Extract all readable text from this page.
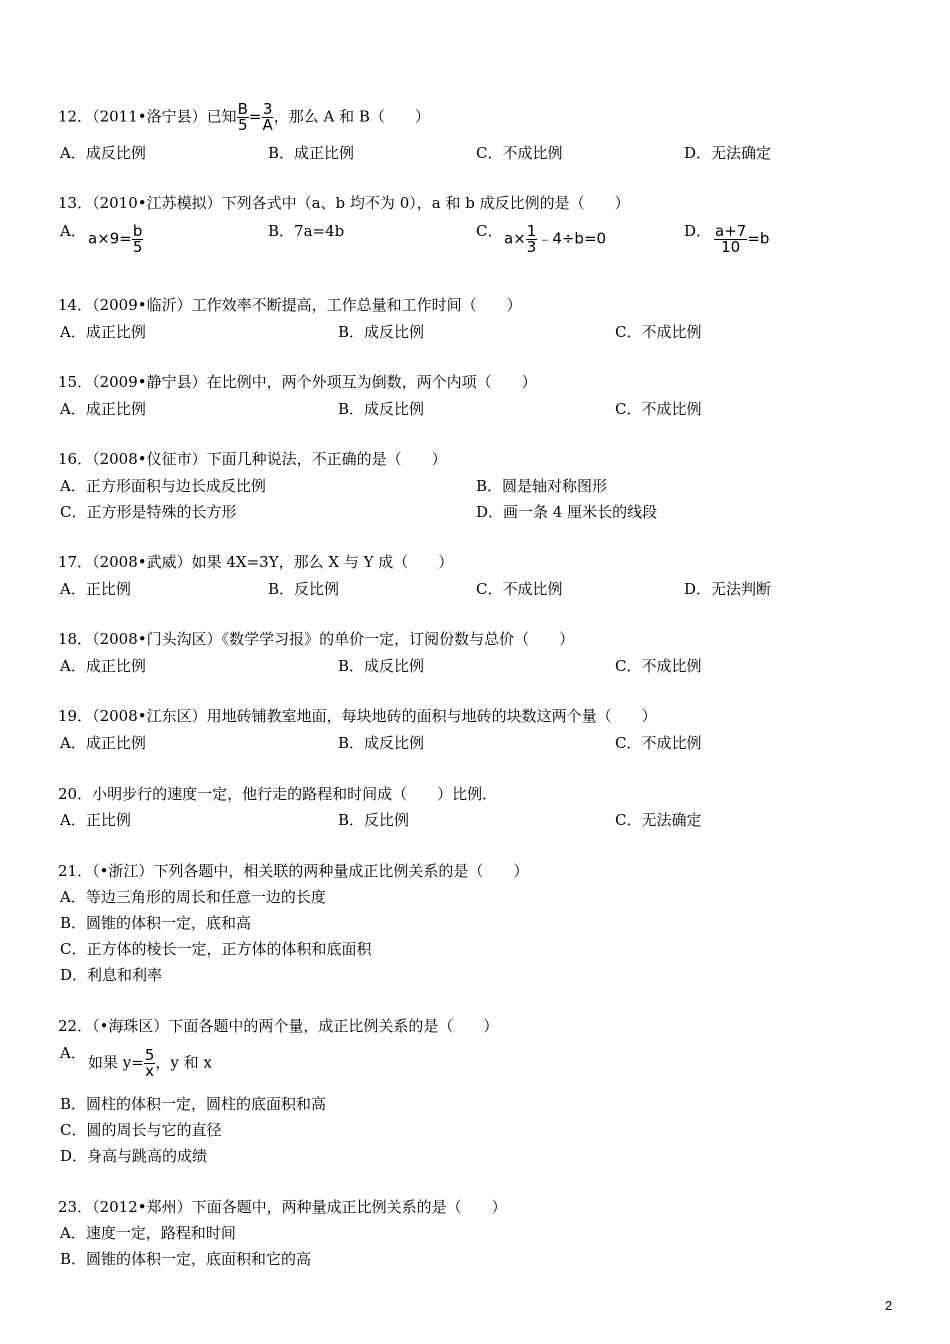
12．（2011•洛宁县）已知 $\frac{B}{5} = \frac{3}{A}$ ，那么 A 和 B（　　）
A．成反比例	B．成正比例	C．不成比例	D．无法确定
13．（2010•江苏模拟）下列各式中（a、b 均不为 0），a 和 b 成反比例的是（　　）
A． $a\times 9= \frac{b}{5}$	B．7a=4b	C． $a\times \frac{1}{3}$ ﹣4÷b=0	D． $\frac{a+7}{10} =b$
14．（2009•临沂）工作效率不断提高，工作总量和工作时间（　　）
A．成正比例	B．成反比例	C．不成比例
15．（2009•静宁县）在比例中，两个外项互为倒数，两个内项（　　）
A．成正比例	B．成反比例	C．不成比例
16．（2008•仪征市）下面几种说法，不正确的是（　　）
A．正方形面积与边长成反比例	B．圆是轴对称图形
C．正方形是特殊的长方形	D．画一条 4 厘米长的线段
17．（2008•武威）如果 4X=3Y，那么 X 与 Y 成（　　）
A．正比例	B．反比例	C．不成比例	D．无法判断
18．（2008•门头沟区）《数学学习报》的单价一定，订阅份数与总价（　　）
A．成正比例	B．成反比例	C．不成比例
19．（2008•江东区）用地砖铺教室地面，每块地砖的面积与地砖的块数这两个量（　　）
A．成正比例	B．成反比例	C．不成比例
20．小明步行的速度一定，他行走的路程和时间成（　　）比例．
A．正比例	B．反比例	C．无法确定
21．（•浙江）下列各题中，相关联的两种量成正比例关系的是（　　）
A．等边三角形的周长和任意一边的长度
B．圆锥的体积一定，底和高
C．正方体的棱长一定，正方体的体积和底面积
D．利息和利率
22．（•海珠区）下面各题中的两个量，成正比例关系的是（　　）
A．
如果 $y= \frac{5}{x}$ ，y 和 x
B．圆柱的体积一定，圆柱的底面积和高
C．圆的周长与它的直径
D．身高与跳高的成绩
23．（2012•郑州）下面各题中，两种量成正比例关系的是（　　）
A．速度一定，路程和时间
B．圆锥的体积一定，底面积和它的高
2
